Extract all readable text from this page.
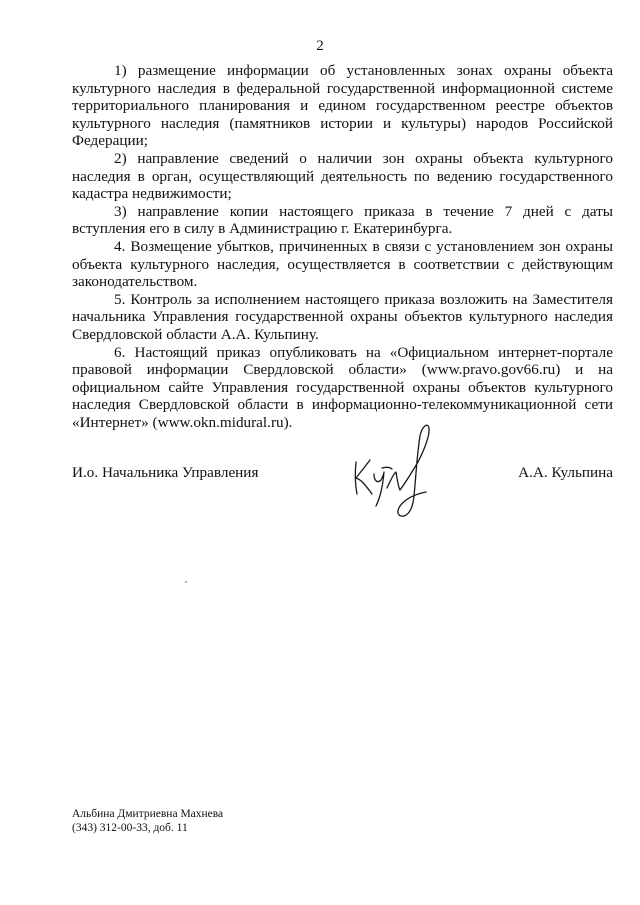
2

1) размещение информации об установленных зонах охраны объекта культурного наследия в федеральной государственной информационной системе территориального планирования и едином государственном реестре объектов культурного наследия (памятников истории и культуры) народов Российской Федерации;

2) направление сведений о наличии зон охраны объекта культурного наследия в орган, осуществляющий деятельность по ведению государственного кадастра недвижимости;

3) направление копии настоящего приказа в течение 7 дней с даты вступления его в силу в Администрацию г. Екатеринбурга.

4. Возмещение убытков, причиненных в связи с установлением зон охраны объекта культурного наследия, осуществляется в соответствии с действующим законодательством.

5. Контроль за исполнением настоящего приказа возложить на Заместителя начальника Управления государственной охраны объектов культурного наследия Свердловской области А.А. Кульпину.

6. Настоящий приказ опубликовать на «Официальном интернет-портале правовой информации Свердловской области» (www.pravo.gov66.ru) и на официальном сайте Управления государственной охраны объектов культурного наследия Свердловской области в информационно-телекоммуникационной сети «Интернет» (www.okn.midural.ru).

И.о. Начальника Управления	А.А. Кульпина
Альбина Дмитриевна Махнева
(343) 312-00-33, доб. 11
